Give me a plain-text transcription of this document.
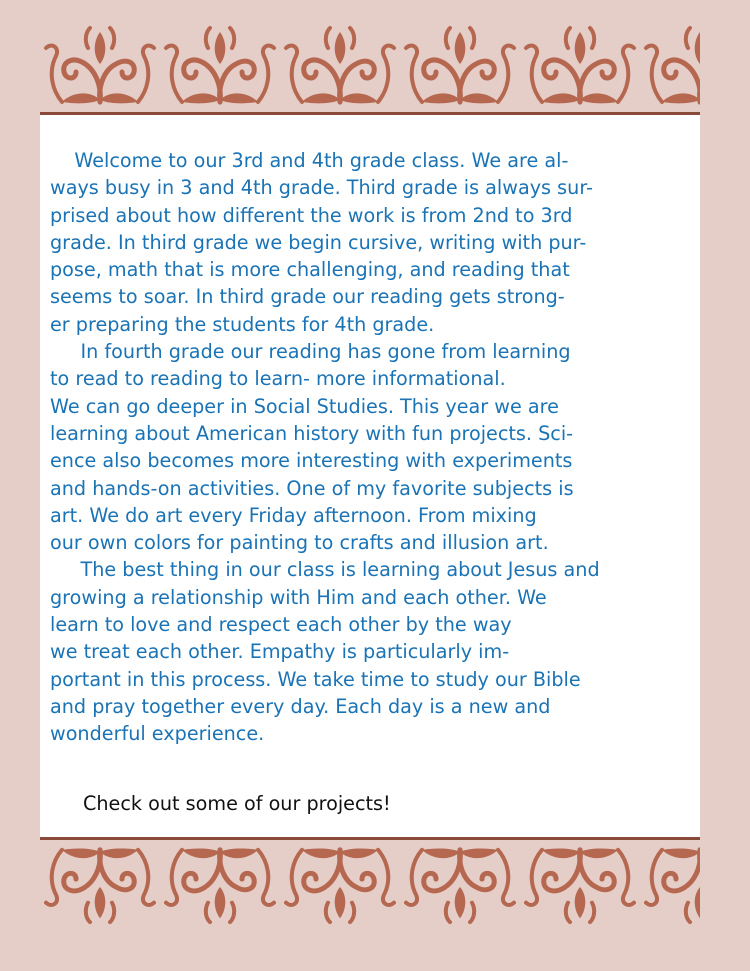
Welcome to our 3rd and 4th grade class. We are al-
ways busy in 3 and 4th grade. Third grade is always sur-
prised about how different the work is from 2nd to 3rd
grade. In third grade we begin cursive, writing with pur-
pose, math that is more challenging, and reading that
seems to soar. In third grade our reading gets strong-
er preparing the students for 4th grade.
In fourth grade our reading has gone from learning
to read to reading to learn- more informational.
We can go deeper in Social Studies. This year we are
learning about American history with fun projects. Sci-
ence also becomes more interesting with experiments
and hands-on activities. One of my favorite subjects is
art. We do art every Friday afternoon. From mixing
our own colors for painting to crafts and illusion art.
The best thing in our class is learning about Jesus and
growing a relationship with Him and each other. We
learn to love and respect each other by the way
we treat each other. Empathy is particularly im-
portant in this process. We take time to study our Bible
and pray together every day. Each day is a new and
wonderful experience.
Check out some of our projects!
